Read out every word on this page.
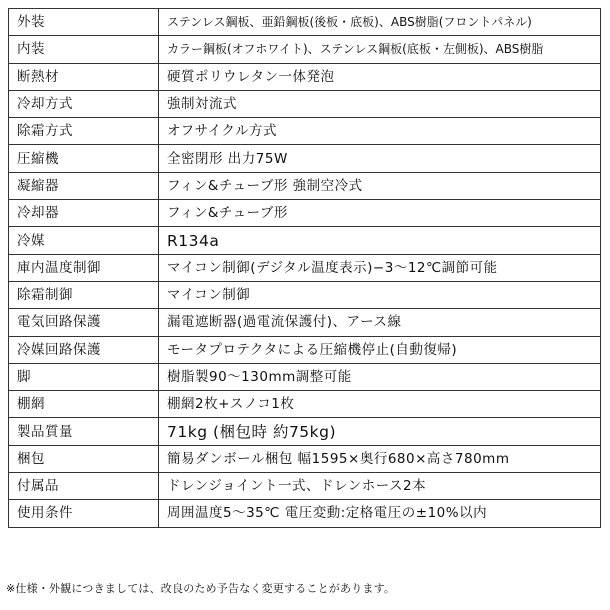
外装	ステンレス鋼板、亜鉛鋼板(後板・底板)、ABS樹脂(フロントパネル)
内装	カラー鋼板(オフホワイト)、ステンレス鋼板(底板・左側板)、ABS樹脂
断熱材	硬質ポリウレタン一体発泡
冷却方式	強制対流式
除霜方式	オフサイクル方式
圧縮機	全密閉形 出力75W
凝縮器	フィン&チューブ形 強制空冷式
冷却器	フィン&チューブ形
冷媒	R134a
庫内温度制御	マイコン制御(デジタル温度表示)−3〜12℃調節可能
除霜制御	マイコン制御
電気回路保護	漏電遮断器(過電流保護付)、アース線
冷媒回路保護	モータプロテクタによる圧縮機停止(自動復帰)
脚	樹脂製90〜130mm調整可能
棚網	棚網2枚+スノコ1枚
製品質量	71kg (梱包時 約75kg)
梱包	簡易ダンボール梱包 幅1595×奥行680×高さ780mm
付属品	ドレンジョイント一式、ドレンホース2本
使用条件	周囲温度5〜35℃ 電圧変動:定格電圧の±10%以内
※仕様・外観につきましては、改良のため予告なく変更することがあります。
